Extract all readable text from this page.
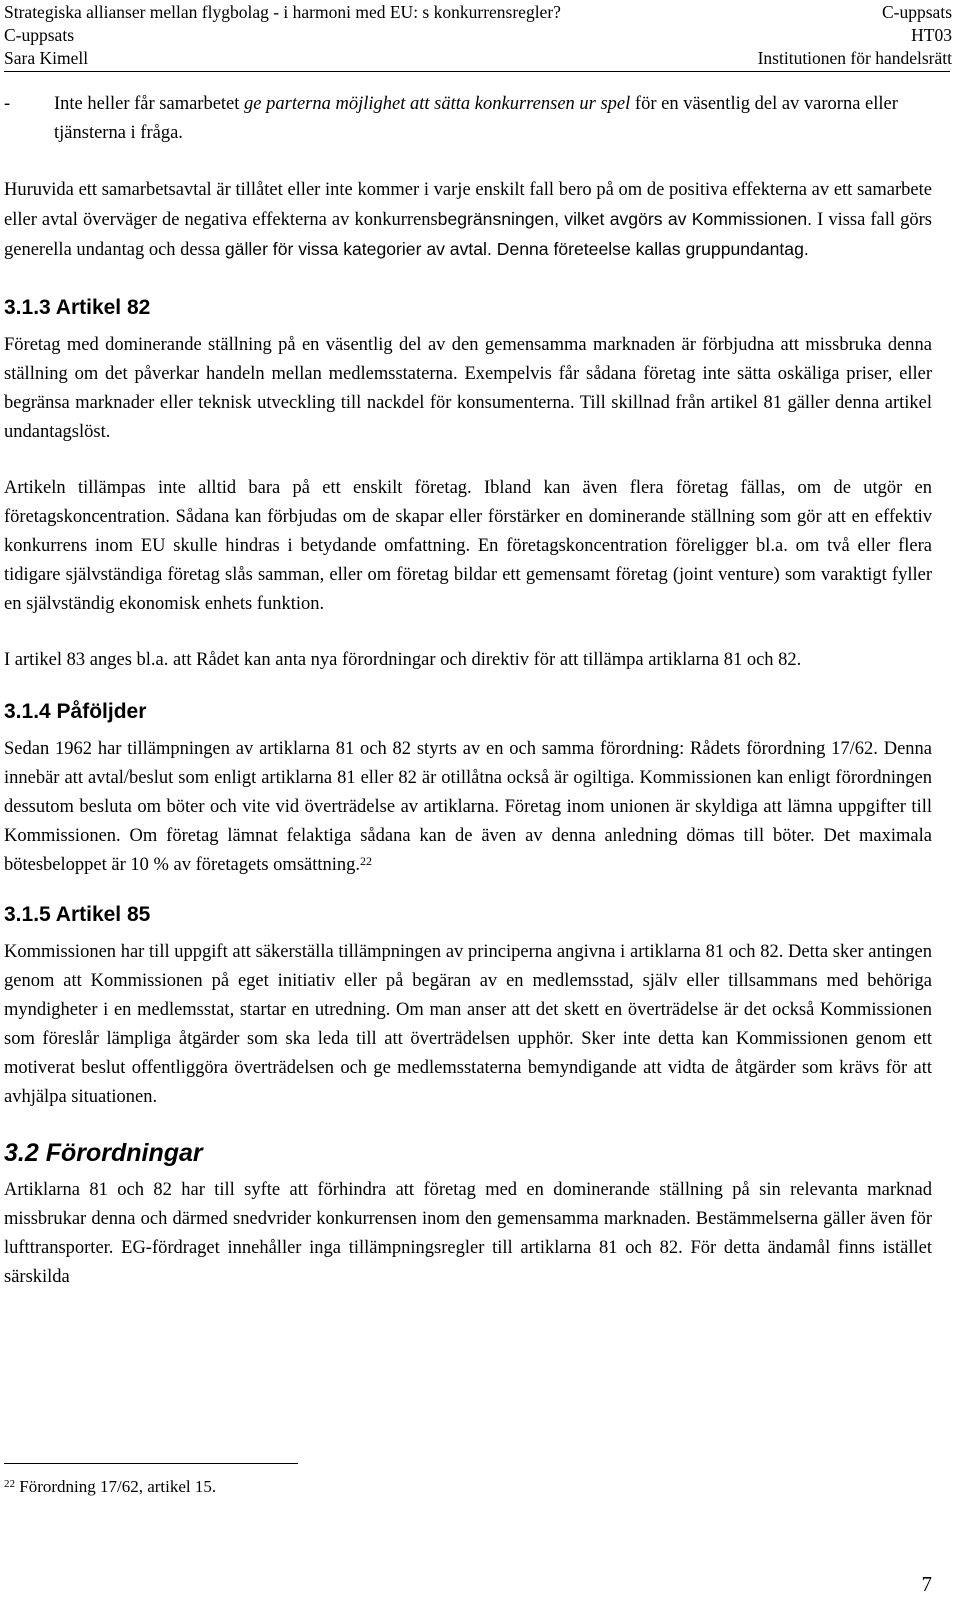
Strategiska allianser mellan flygbolag - i harmoni med EU: s konkurrensregler?	C-uppsats
C-uppsats	HT03
Sara Kimell	Institutionen för handelsrätt
- Inte heller får samarbetet ge parterna möjlighet att sätta konkurrensen ur spel för en väsentlig del av varorna eller tjänsterna i fråga.

Huruvida ett samarbetsavtal är tillåtet eller inte kommer i varje enskilt fall bero på om de positiva effekterna av ett samarbete eller avtal överväger de negativa effekterna av konkurrensbegränsningen, vilket avgörs av Kommissionen. I vissa fall görs generella undantag och dessa gäller för vissa kategorier av avtal. Denna företeelse kallas gruppundantag.

3.1.3 Artikel 82

Företag med dominerande ställning på en väsentlig del av den gemensamma marknaden är förbjudna att missbruka denna ställning om det påverkar handeln mellan medlemsstaterna. Exempelvis får sådana företag inte sätta oskäliga priser, eller begränsa marknader eller teknisk utveckling till nackdel för konsumenterna. Till skillnad från artikel 81 gäller denna artikel undantagslöst.

Artikeln tillämpas inte alltid bara på ett enskilt företag. Ibland kan även flera företag fällas, om de utgör en företagskoncentration. Sådana kan förbjudas om de skapar eller förstärker en dominerande ställning som gör att en effektiv konkurrens inom EU skulle hindras i betydande omfattning. En företagskoncentration föreligger bl.a. om två eller flera tidigare självständiga företag slås samman, eller om företag bildar ett gemensamt företag (joint venture) som varaktigt fyller en självständig ekonomisk enhets funktion.

I artikel 83 anges bl.a. att Rådet kan anta nya förordningar och direktiv för att tillämpa artiklarna 81 och 82.

3.1.4 Påföljder

Sedan 1962 har tillämpningen av artiklarna 81 och 82 styrts av en och samma förordning: Rådets förordning 17/62. Denna innebär att avtal/beslut som enligt artiklarna 81 eller 82 är otillåtna också är ogiltiga. Kommissionen kan enligt förordningen dessutom besluta om böter och vite vid överträdelse av artiklarna. Företag inom unionen är skyldiga att lämna uppgifter till Kommissionen. Om företag lämnat felaktiga sådana kan de även av denna anledning dömas till böter. Det maximala bötesbeloppet är 10 % av företagets omsättning.$^{22}$

3.1.5 Artikel 85

Kommissionen har till uppgift att säkerställa tillämpningen av principerna angivna i artiklarna 81 och 82. Detta sker antingen genom att Kommissionen på eget initiativ eller på begäran av en medlemsstad, själv eller tillsammans med behöriga myndigheter i en medlemsstat, startar en utredning. Om man anser att det skett en överträdelse är det också Kommissionen som föreslår lämpliga åtgärder som ska leda till att överträdelsen upphör. Sker inte detta kan Kommissionen genom ett motiverat beslut offentliggöra överträdelsen och ge medlemsstaterna bemyndigande att vidta de åtgärder som krävs för att avhjälpa situationen.

3.2 Förordningar

Artiklarna 81 och 82 har till syfte att förhindra att företag med en dominerande ställning på sin relevanta marknad missbrukar denna och därmed snedvrider konkurrensen inom den gemensamma marknaden. Bestämmelserna gäller även för lufttransporter. EG-fördraget innehåller inga tillämpningsregler till artiklarna 81 och 82. För detta ändamål finns istället särskilda

$^{22}$ Förordning 17/62, artikel 15.
7
